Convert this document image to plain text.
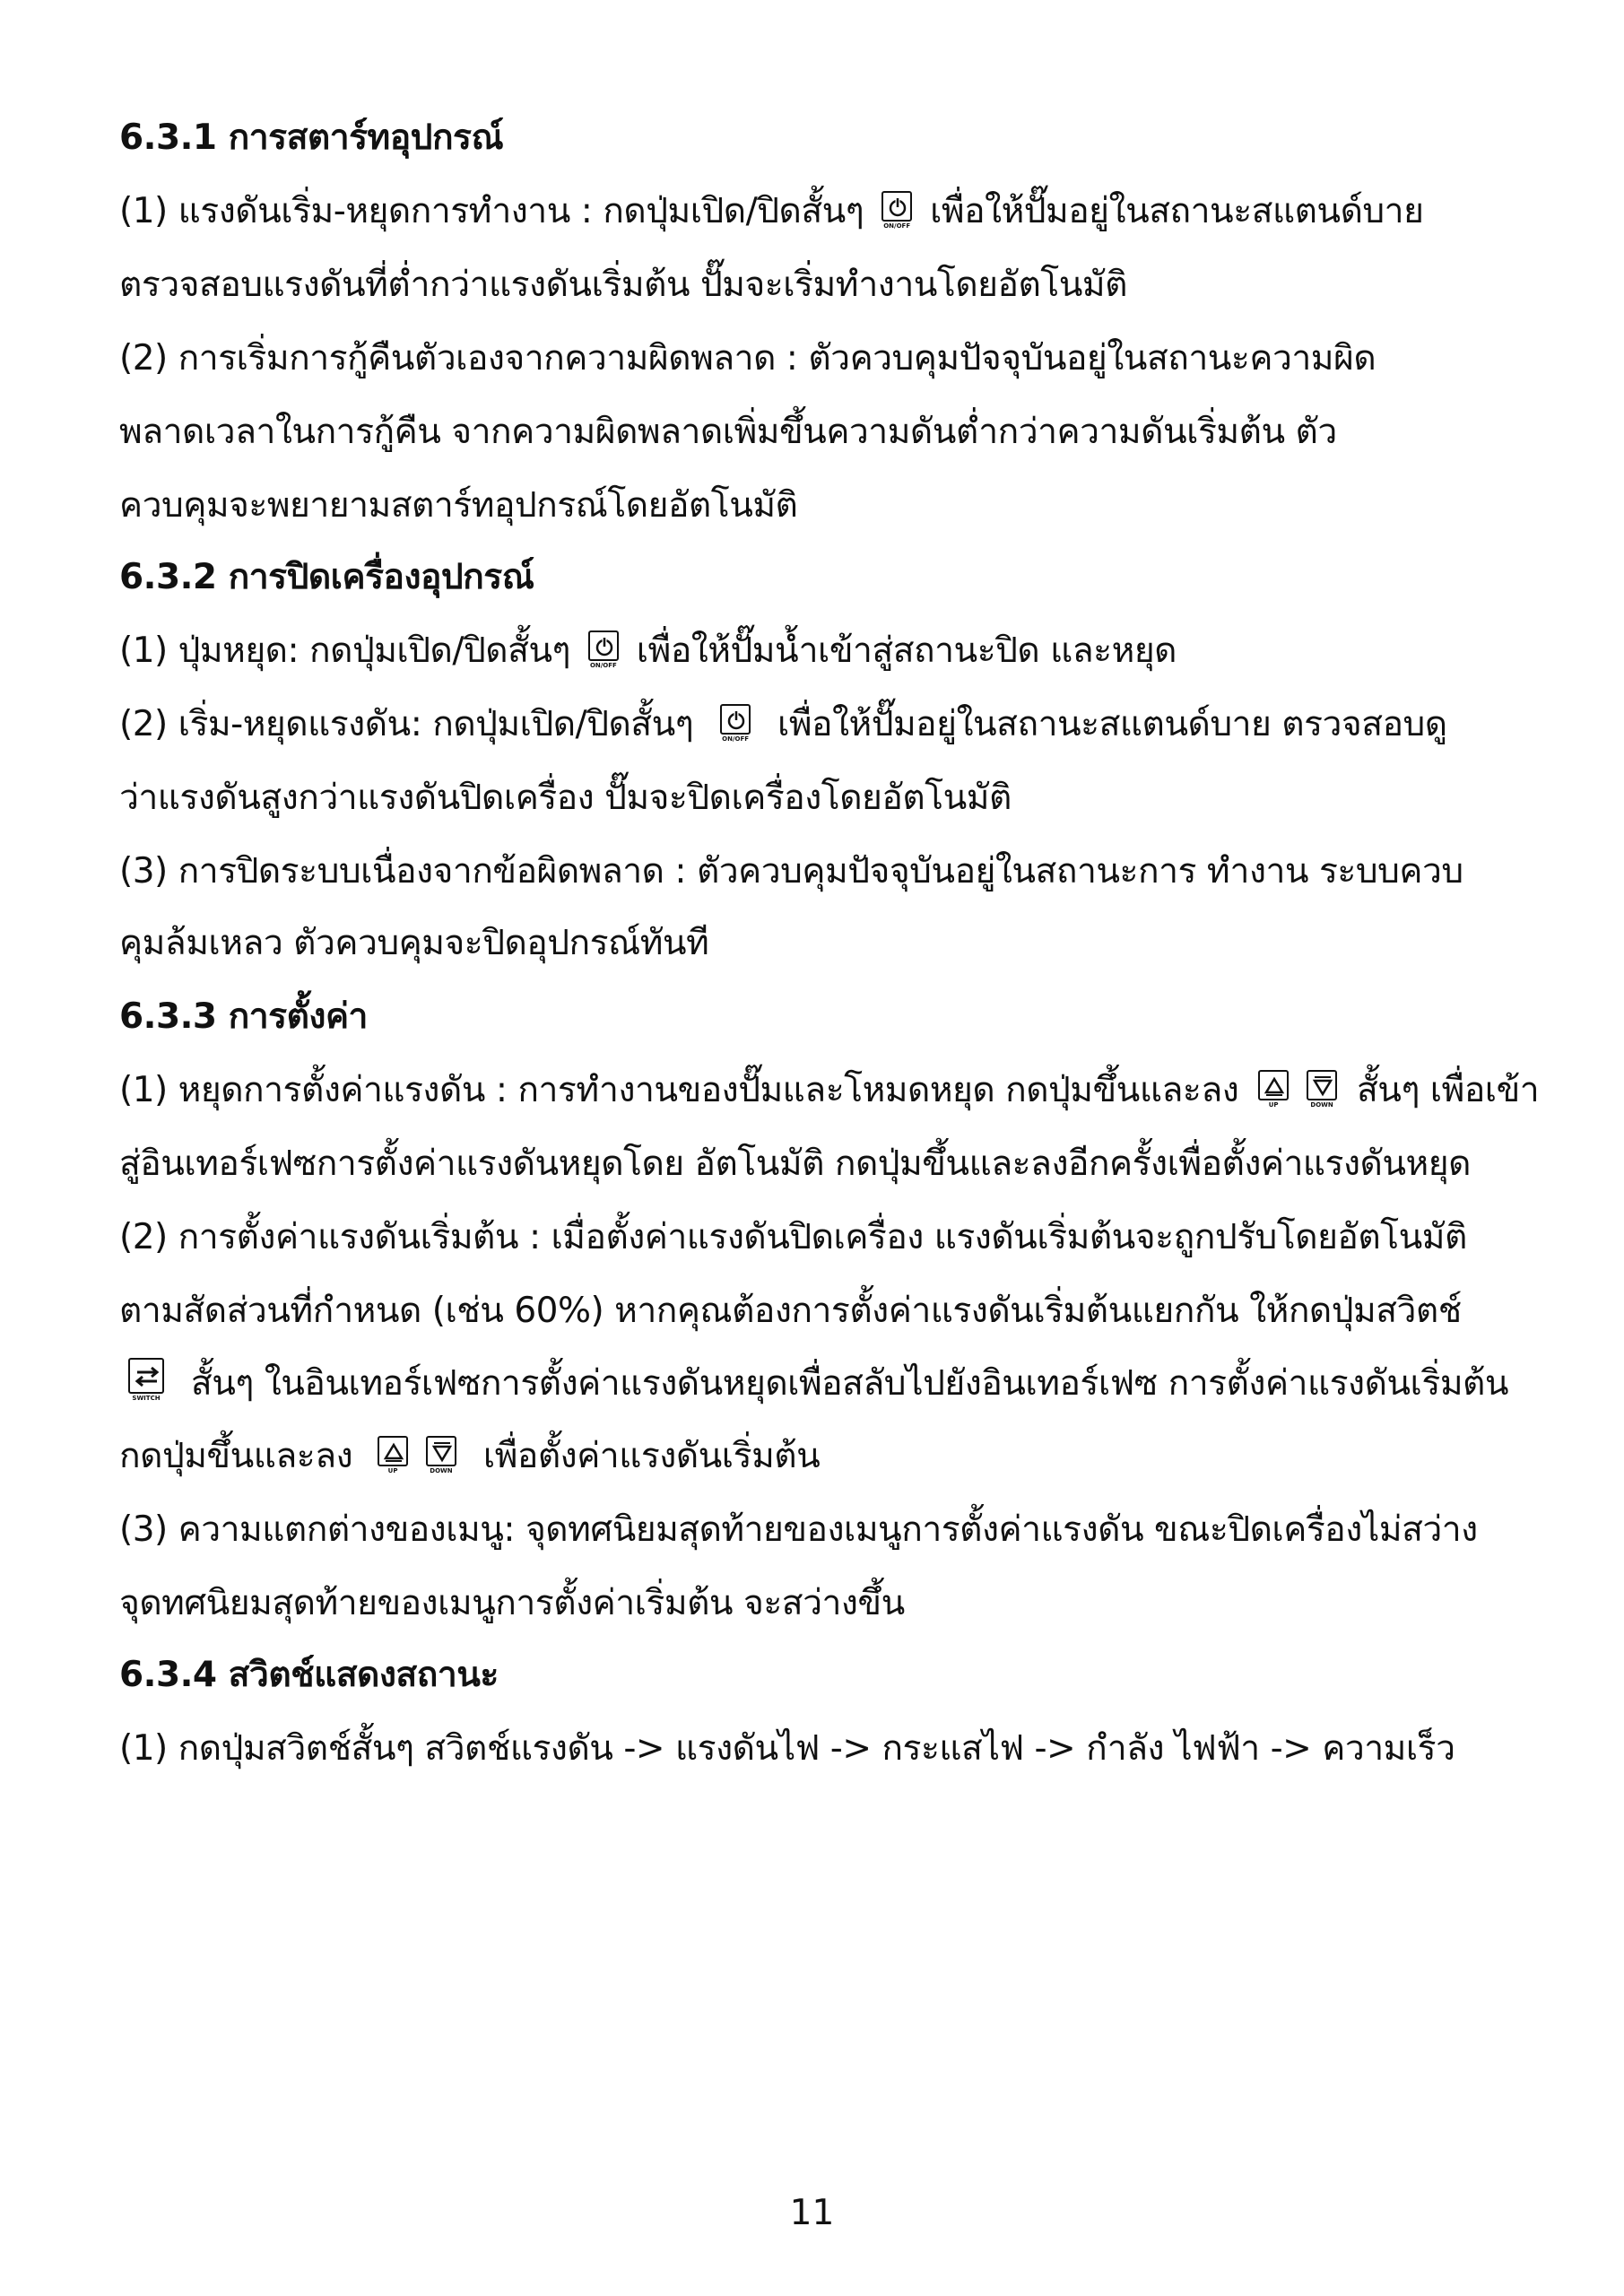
6.3.1 การสตาร์ทอุปกรณ์
(1) แรงดันเริ่ม-หยุดการทำงาน : กดปุ่มเปิด/ปิดสั้นๆ	ON/OFF เพื่อให้ปั๊มอยู่ในสถานะสแตนด์บาย
ตรวจสอบแรงดันที่ต่ำกว่าแรงดันเริ่มต้น ปั๊มจะเริ่มทำงานโดยอัตโนมัติ
(2) การเริ่มการกู้คืนตัวเองจากความผิดพลาด : ตัวควบคุมปัจจุบันอยู่ในสถานะความผิด
พลาดเวลาในการกู้คืน จากความผิดพลาดเพิ่มขึ้นความดันต่ำกว่าความดันเริ่มต้น ตัว
ควบคุมจะพยายามสตาร์ทอุปกรณ์โดยอัตโนมัติ
6.3.2 การปิดเครื่องอุปกรณ์
(1) ปุ่มหยุด: กดปุ่มเปิด/ปิดสั้นๆ	ON/OFF เพื่อให้ปั๊มน้ำเข้าสู่สถานะปิด และหยุด
(2) เริ่ม-หยุดแรงดัน: กดปุ่มเปิด/ปิดสั้นๆ	ON/OFF เพื่อให้ปั๊มอยู่ในสถานะสแตนด์บาย ตรวจสอบดู
ว่าแรงดันสูงกว่าแรงดันปิดเครื่อง ปั๊มจะปิดเครื่องโดยอัตโนมัติ
(3) การปิดระบบเนื่องจากข้อผิดพลาด : ตัวควบคุมปัจจุบันอยู่ในสถานะการ ทำงาน ระบบควบ
คุมล้มเหลว ตัวควบคุมจะปิดอุปกรณ์ทันที
6.3.3 การตั้งค่า
(1) หยุดการตั้งค่าแรงดัน : การทำงานของปั๊มและโหมดหยุด กดปุ่มขึ้นและลง	UP
	DOWN สั้นๆ เพื่อเข้า
สู่อินเทอร์เฟซการตั้งค่าแรงดันหยุดโดย อัตโนมัติ กดปุ่มขึ้นและลงอีกครั้งเพื่อตั้งค่าแรงดันหยุด
(2) การตั้งค่าแรงดันเริ่มต้น : เมื่อตั้งค่าแรงดันปิดเครื่อง แรงดันเริ่มต้นจะถูกปรับโดยอัตโนมัติ
ตามสัดส่วนที่กำหนด (เช่น 60%) หากคุณต้องการตั้งค่าแรงดันเริ่มต้นแยกกัน ให้กดปุ่มสวิตช์
SWITCH สั้นๆ ในอินเทอร์เฟซการตั้งค่าแรงดันหยุดเพื่อสลับไปยังอินเทอร์เฟซ การตั้งค่าแรงดันเริ่มต้น
กดปุ่มขึ้นและลง	UP
	DOWN เพื่อตั้งค่าแรงดันเริ่มต้น
(3) ความแตกต่างของเมนู: จุดทศนิยมสุดท้ายของเมนูการตั้งค่าแรงดัน ขณะปิดเครื่องไม่สว่าง
จุดทศนิยมสุดท้ายของเมนูการตั้งค่าเริ่มต้น จะสว่างขึ้น
6.3.4 สวิตช์แสดงสถานะ
(1) กดปุ่มสวิตช์สั้นๆ สวิตช์แรงดัน -> แรงดันไฟ -> กระแสไฟ -> กำลัง ไฟฟ้า -> ความเร็ว
11
